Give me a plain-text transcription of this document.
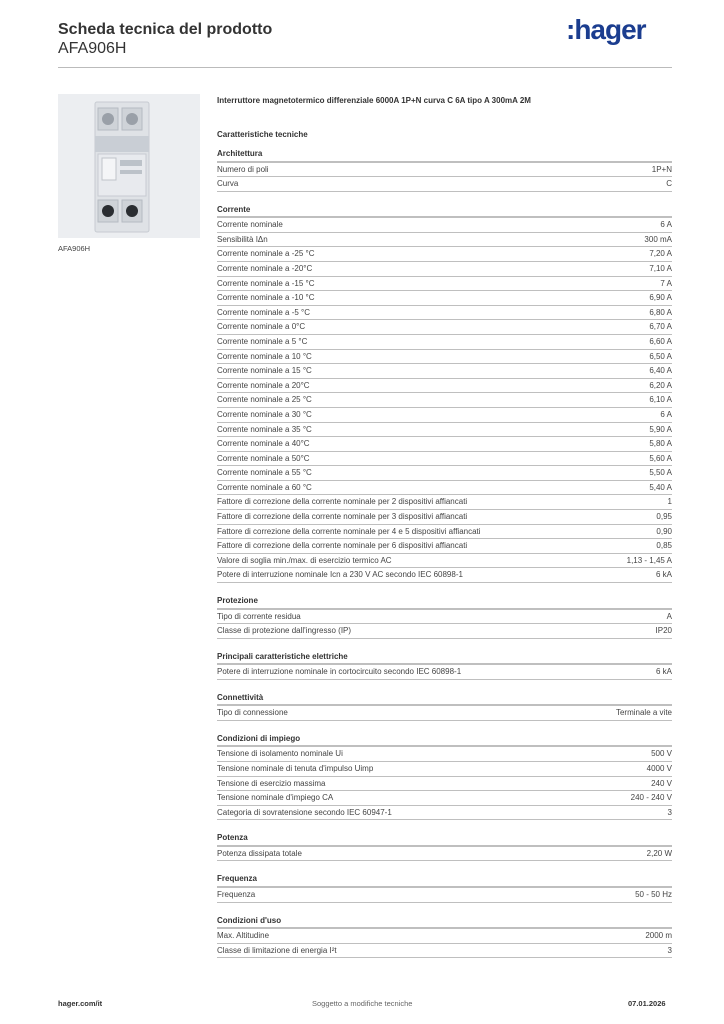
Scheda tecnica del prodotto
AFA906H
:hager
AFA906H
Interruttore magnetotermico differenziale 6000A 1P+N curva C 6A tipo A 300mA 2M
Caratteristiche tecniche
Architettura
Numero di poli	1P+N
Curva	C
Corrente
Corrente nominale	6 A
Sensibilità IΔn	300 mA
Corrente nominale a -25 °C	7,20 A
Corrente nominale a -20°C	7,10 A
Corrente nominale a -15 °C	7 A
Corrente nominale a -10 °C	6,90 A
Corrente nominale a -5 °C	6,80 A
Corrente nominale a 0°C	6,70 A
Corrente nominale a 5 °C	6,60 A
Corrente nominale a 10 °C	6,50 A
Corrente nominale a 15 °C	6,40 A
Corrente nominale a 20°C	6,20 A
Corrente nominale a 25 °C	6,10 A
Corrente nominale a 30 °C	6 A
Corrente nominale a 35 °C	5,90 A
Corrente nominale a 40°C	5,80 A
Corrente nominale a 50°C	5,60 A
Corrente nominale a 55 °C	5,50 A
Corrente nominale a 60 °C	5,40 A
Fattore di correzione della corrente nominale per 2 dispositivi affiancati	1
Fattore di correzione della corrente nominale per 3 dispositivi affiancati	0,95
Fattore di correzione della corrente nominale per 4 e 5 dispositivi affiancati	0,90
Fattore di correzione della corrente nominale per 6 dispositivi affiancati	0,85
Valore di soglia min./max. di esercizio termico AC	1,13 - 1,45 A
Potere di interruzione nominale Icn a 230 V AC secondo IEC 60898-1	6 kA
Protezione
Tipo di corrente residua	A
Classe di protezione dall'ingresso (IP)	IP20
Principali caratteristiche elettriche
Potere di interruzione nominale in cortocircuito secondo IEC 60898-1	6 kA
Connettività
Tipo di connessione	Terminale a vite
Condizioni di impiego
Tensione di isolamento nominale Ui	500 V
Tensione nominale di tenuta d'impulso Uimp	4000 V
Tensione di esercizio massima	240 V
Tensione nominale d'impiego CA	240 - 240 V
Categoria di sovratensione secondo IEC 60947-1	3
Potenza
Potenza dissipata totale	2,20 W
Frequenza
Frequenza	50 - 50 Hz
Condizioni d'uso
Max. Altitudine	2000 m
Classe di limitazione di energia I²t	3
hager.com/it	Soggetto a modifiche tecniche	07.01.2026
